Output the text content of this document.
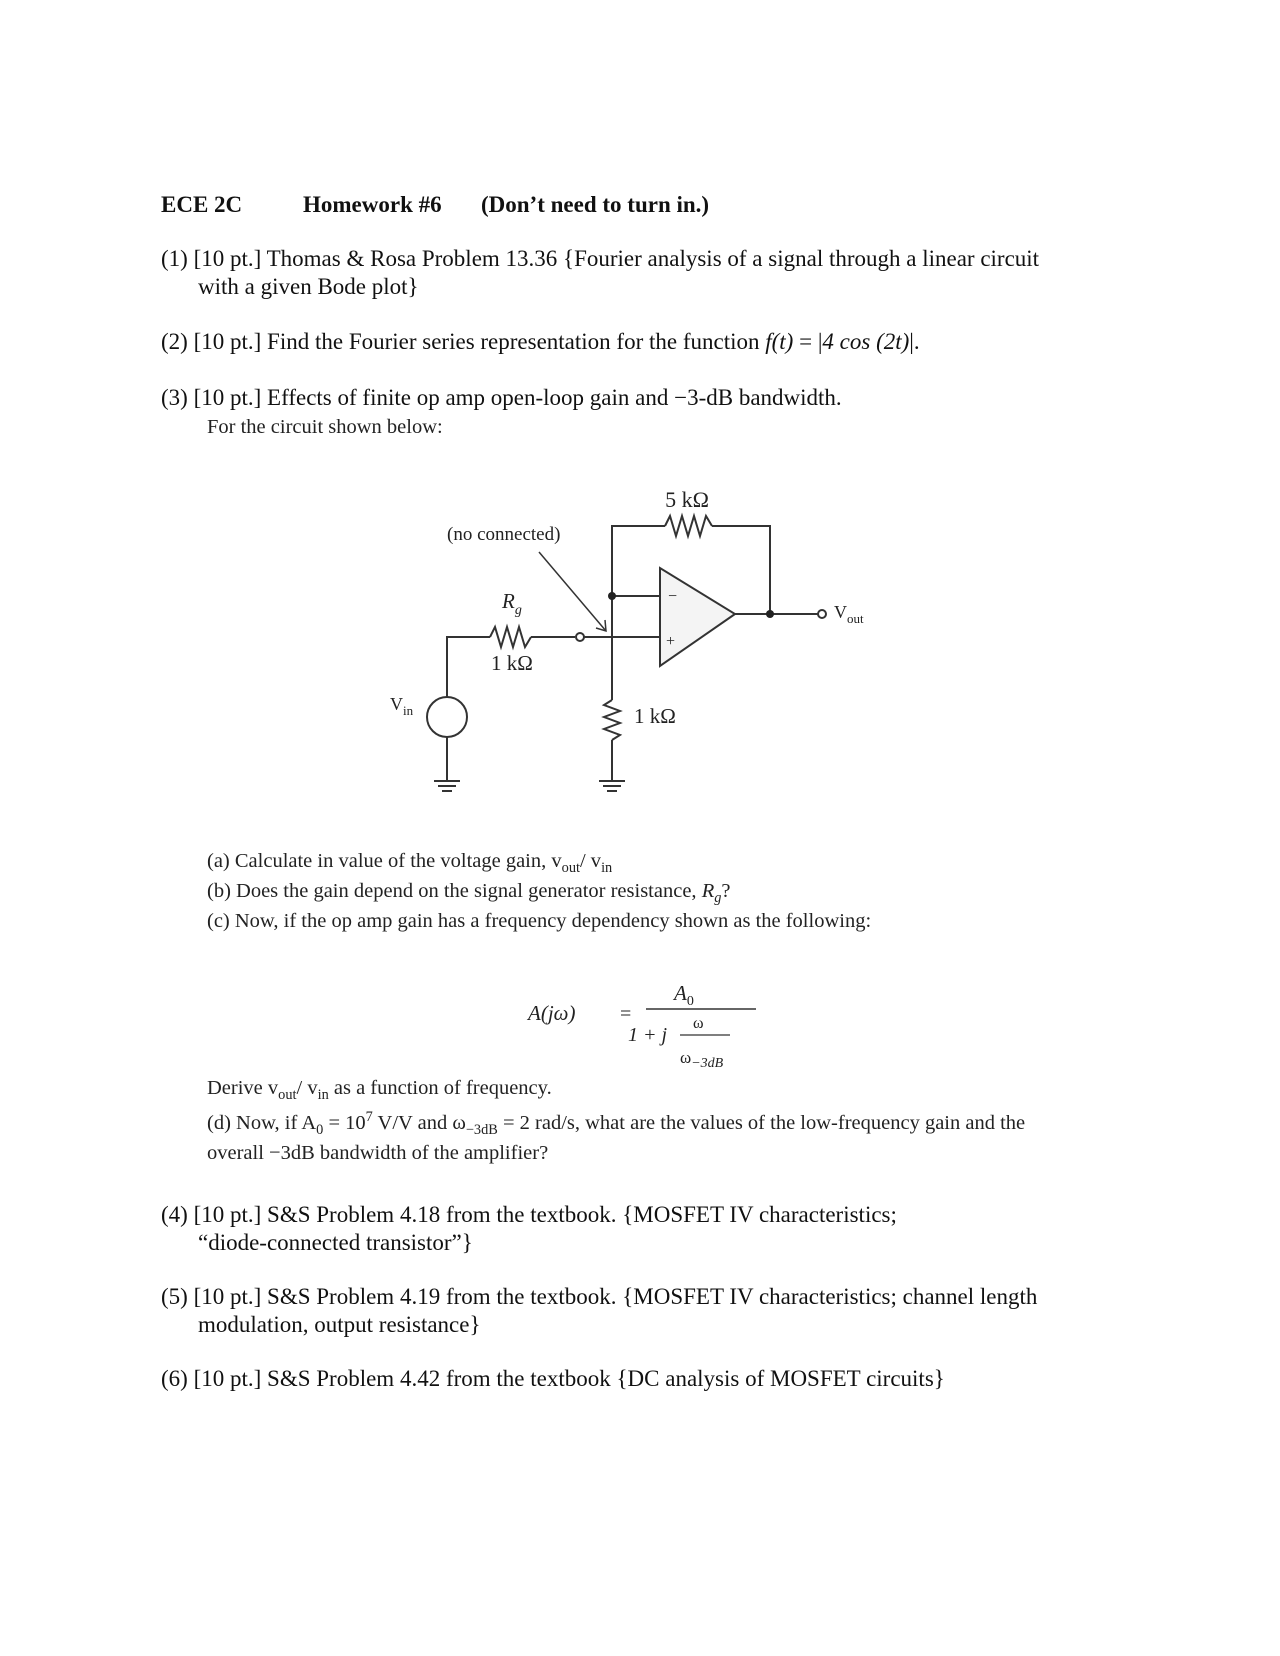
ECE 2C	Homework #6 (Don’t need to turn in.)
(1) [10 pt.] Thomas & Rosa Problem 13.36 {Fourier analysis of a signal through a linear circuit
with a given Bode plot}
(2) [10 pt.] Find the Fourier series representation for the function f(t) = |4 cos (2t)|.
(3) [10 pt.] Effects of finite op amp open-loop gain and −3-dB bandwidth.
For the circuit shown below:
5 kΩ
(no connected)
$R_g$
1 kΩ
1 kΩ
$V_{in}$
$V_{out}$
−
+
(a) Calculate in value of the voltage gain, $v_{out}/$ $v_{in}$
(b) Does the gain depend on the signal generator resistance, $R_g$?
(c) Now, if the op amp gain has a frequency dependency shown as the following:
A(jω) =
$A_0$
1 + j
ω
$\omega_{-3dB}$
Derive $v_{out}/$ $v_{in}$ as a function of frequency.
(d) Now, if $A_0 = 10^7$ V/V and $\omega_{-3dB} = 2$ rad/s, what are the values of the low-frequency gain and the
overall −3dB bandwidth of the amplifier?
(4) [10 pt.] S&S Problem 4.18 from the textbook. {MOSFET IV characteristics;
“diode-connected transistor”}
(5) [10 pt.] S&S Problem 4.19 from the textbook. {MOSFET IV characteristics; channel length
modulation, output resistance}
(6) [10 pt.] S&S Problem 4.42 from the textbook {DC analysis of MOSFET circuits}
